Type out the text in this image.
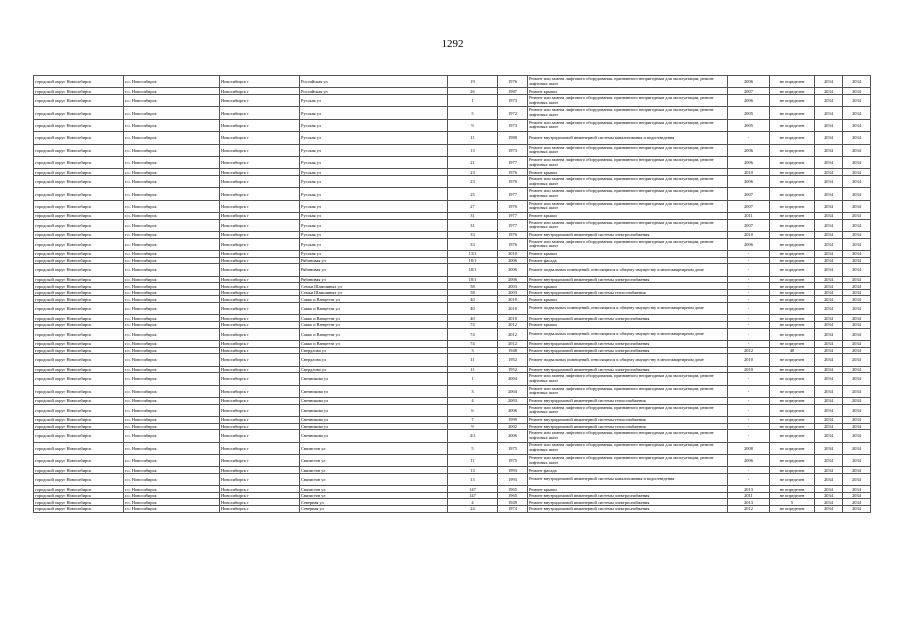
1292
городской округ Новосибирск	г.о. Новосибирск	Новосибирск г	Российская ул	19	1976	Ремонт или замена лифтового оборудования, признанного непригодным для эксплуатации, ремонт лифтовых шахт	2006	не определен	2034	2034
городской округ Новосибирск	г.о. Новосибирск	Новосибирск г	Российская ул	26	1987	Ремонт крыши	2007	не определен	2034	2034
городской округ Новосибирск	г.о. Новосибирск	Новосибирск г	Русская ул	1	1973	Ремонт или замена лифтового оборудования, признанного непригодным для эксплуатации, ремонт лифтовых шахт	2006	не определен	2034	2034
городской округ Новосибирск	г.о. Новосибирск	Новосибирск г	Русская ул	5	1972	Ремонт или замена лифтового оборудования, признанного непригодным для эксплуатации, ремонт лифтовых шахт	2005	не определен	2034	2034
городской округ Новосибирск	г.о. Новосибирск	Новосибирск г	Русская ул	9	1973	Ремонт или замена лифтового оборудования, признанного непригодным для эксплуатации, ремонт лифтовых шахт	2005	не определен	2034	2034
городской округ Новосибирск	г.о. Новосибирск	Новосибирск г	Русская ул	11	1980	Ремонт внутридомовой инженерной системы канализования и водоотведения	-	не определен	2034	2034
городской округ Новосибирск	г.о. Новосибирск	Новосибирск г	Русская ул	13	1973	Ремонт или замена лифтового оборудования, признанного непригодным для эксплуатации, ремонт лифтовых шахт	2006	не определен	2034	2034
городской округ Новосибирск	г.о. Новосибирск	Новосибирск г	Русская ул	21	1977	Ремонт или замена лифтового оборудования, признанного непригодным для эксплуатации, ремонт лифтовых шахт	2006	не определен	2034	2034
городской округ Новосибирск	г.о. Новосибирск	Новосибирск г	Русская ул	23	1976	Ремонт крыши	2010	не определен	2034	2034
городской округ Новосибирск	г.о. Новосибирск	Новосибирск г	Русская ул	23	1976	Ремонт или замена лифтового оборудования, признанного непригодным для эксплуатации, ремонт лифтовых шахт	2006	не определен	2034	2034
городской округ Новосибирск	г.о. Новосибирск	Новосибирск г	Русская ул	25	1977	Ремонт или замена лифтового оборудования, признанного непригодным для эксплуатации, ремонт лифтовых шахт	2007	не определен	2034	2034
городской округ Новосибирск	г.о. Новосибирск	Новосибирск г	Русская ул	27	1976	Ремонт или замена лифтового оборудования, признанного непригодным для эксплуатации, ремонт лифтовых шахт	2007	не определен	2034	2034
городской округ Новосибирск	г.о. Новосибирск	Новосибирск г	Русская ул	31	1977	Ремонт крыши	2011	не определен	2034	2034
городской округ Новосибирск	г.о. Новосибирск	Новосибирск г	Русская ул	31	1977	Ремонт или замена лифтового оборудования, признанного непригодным для эксплуатации, ремонт лифтовых шахт	2007	не определен	2034	2034
городской округ Новосибирск	г.о. Новосибирск	Новосибирск г	Русская ул	33	1976	Ремонт внутридомовой инженерной системы электроснабжения	2010	не определен	2034	2034
городской округ Новосибирск	г.о. Новосибирск	Новосибирск г	Русская ул	33	1976	Ремонт или замена лифтового оборудования, признанного непригодным для эксплуатации, ремонт лифтовых шахт	2006	не определен	2034	2034
городской округ Новосибирск	г.о. Новосибирск	Новосибирск г	Русская ул	13/1	2010	Ремонт крыши	-	не определен	2034	2034
городской округ Новосибирск	г.о. Новосибирск	Новосибирск г	Рябиновая ул	18/1	2006	Ремонт фасада	-	не определен	2034	2034
городской округ Новосибирск	г.о. Новосибирск	Новосибирск г	Рябиновая ул	18/1	2006	Ремонт подвальных помещений, относящихся к общему имуществу в многоквартирном доме	-	не определен	2034	2034
городской округ Новосибирск	г.о. Новосибирск	Новосибирск г	Рябиновая ул	18/1	2006	Ремонт внутридомовой инженерной системы электроснабжения	-	не определен	2034	2034
городской округ Новосибирск	г.о. Новосибирск	Новосибирск г	Семьи Шамшиных ул	58	2003	Ремонт крыши	-	не определен	2034	2034
городской округ Новосибирск	г.о. Новосибирск	Новосибирск г	Семьи Шамшиных ул	58	2003	Ремонт внутридомовой инженерной системы теплоснабжения	-	не определен	2034	2034
городской округ Новосибирск	г.о. Новосибирск	Новосибирск г	Сакко и Ванцетти ул	40	2010	Ремонт крыши	-	не определен	2034	2034
городской округ Новосибирск	г.о. Новосибирск	Новосибирск г	Сакко и Ванцетти ул	40	2010	Ремонт подвальных помещений, относящихся к общему имуществу в многоквартирном доме	-	не определен	2034	2034
городской округ Новосибирск	г.о. Новосибирск	Новосибирск г	Сакко и Ванцетти ул	40	2010	Ремонт внутридомовой инженерной системы электроснабжения	-	не определен	2034	2034
городской округ Новосибирск	г.о. Новосибирск	Новосибирск г	Сакко и Ванцетти ул	74	2012	Ремонт крыши	-	не определен	2034	2034
городской округ Новосибирск	г.о. Новосибирск	Новосибирск г	Сакко и Ванцетти ул	74	2012	Ремонт подвальных помещений, относящихся к общему имуществу в многоквартирном доме	-	не определен	2034	2034
городской округ Новосибирск	г.о. Новосибирск	Новосибирск г	Сакко и Ванцетти ул	74	2012	Ремонт внутридомовой инженерной системы электроснабжения	-	не определен	2034	2034
городской округ Новосибирск	г.о. Новосибирск	Новосибирск г	Свердлова ул	3	1948	Ремонт внутридомовой инженерной системы электроснабжения	2012	40	2034	2034
городской округ Новосибирск	г.о. Новосибирск	Новосибирск г	Свердлова ул	11	1952	Ремонт подвальных помещений, относящихся к общему имуществу в многоквартирном доме	2010	не определен	2034	2034
городской округ Новосибирск	г.о. Новосибирск	Новосибирск г	Свердлова ул	11	1952	Ремонт внутридомовой инженерной системы электроснабжения	2010	не определен	2034	2034
городской округ Новосибирск	г.о. Новосибирск	Новосибирск г	Свечникова ул	1	2004	Ремонт или замена лифтового оборудования, признанного непригодным для эксплуатации, ремонт лифтовых шахт	-	не определен	2034	2034
городской округ Новосибирск	г.о. Новосибирск	Новосибирск г	Свечникова ул	3	2004	Ремонт или замена лифтового оборудования, признанного непригодным для эксплуатации, ремонт лифтовых шахт	-	не определен	2034	2034
городской округ Новосибирск	г.о. Новосибирск	Новосибирск г	Свечникова ул	4	2003	Ремонт внутридомовой инженерной системы теплоснабжения	-	не определен	2034	2034
городской округ Новосибирск	г.о. Новосибирск	Новосибирск г	Свечникова ул	6	2006	Ремонт или замена лифтового оборудования, признанного непригодным для эксплуатации, ремонт лифтовых шахт	-	не определен	2034	2034
городской округ Новосибирск	г.о. Новосибирск	Новосибирск г	Свечникова ул	7	1999	Ремонт внутридомовой инженерной системы теплоснабжения	-	не определен	2034	2034
городской округ Новосибирск	г.о. Новосибирск	Новосибирск г	Свечникова ул	9	2002	Ремонт внутридомовой инженерной системы теплоснабжения	-	не определен	2034	2034
городской округ Новосибирск	г.о. Новосибирск	Новосибирск г	Свечникова ул	4/1	2006	Ремонт или замена лифтового оборудования, признанного непригодным для эксплуатации, ремонт лифтовых шахт	-	не определен	2034	2034
городской округ Новосибирск	г.о. Новосибирск	Новосибирск г	Связистов ул	5	1975	Ремонт или замена лифтового оборудования, признанного непригодным для эксплуатации, ремонт лифтовых шахт	2008	не определен	2034	2034
городской округ Новосибирск	г.о. Новосибирск	Новосибирск г	Связистов ул	11	1975	Ремонт или замена лифтового оборудования, признанного непригодным для эксплуатации, ремонт лифтовых шахт	2006	не определен	2034	2034
городской округ Новосибирск	г.о. Новосибирск	Новосибирск г	Связистов ул	13	1993	Ремонт фасада	-	не определен	2034	2034
городской округ Новосибирск	г.о. Новосибирск	Новосибирск г	Связистов ул	13	1993	Ремонт внутридомовой инженерной системы канализования и водоотведения	-	не определен	2034	2034
городской округ Новосибирск	г.о. Новосибирск	Новосибирск г	Связистов ул	147	1965	Ремонт крыши	2013	не определен	2034	2034
городской округ Новосибирск	г.о. Новосибирск	Новосибирск г	Связистов ул	147	1965	Ремонт внутридомовой инженерной системы электроснабжения	2011	не определен	2034	2034
городской округ Новосибирск	г.о. Новосибирск	Новосибирск г	Северная ул	4	1949	Ремонт внутридомовой инженерной системы электроснабжения	2013	5	2034	2034
городской округ Новосибирск	г.о. Новосибирск	Новосибирск г	Северная ул	24	1974	Ремонт внутридомовой инженерной системы электроснабжения	2012	не определен	2034	2034
